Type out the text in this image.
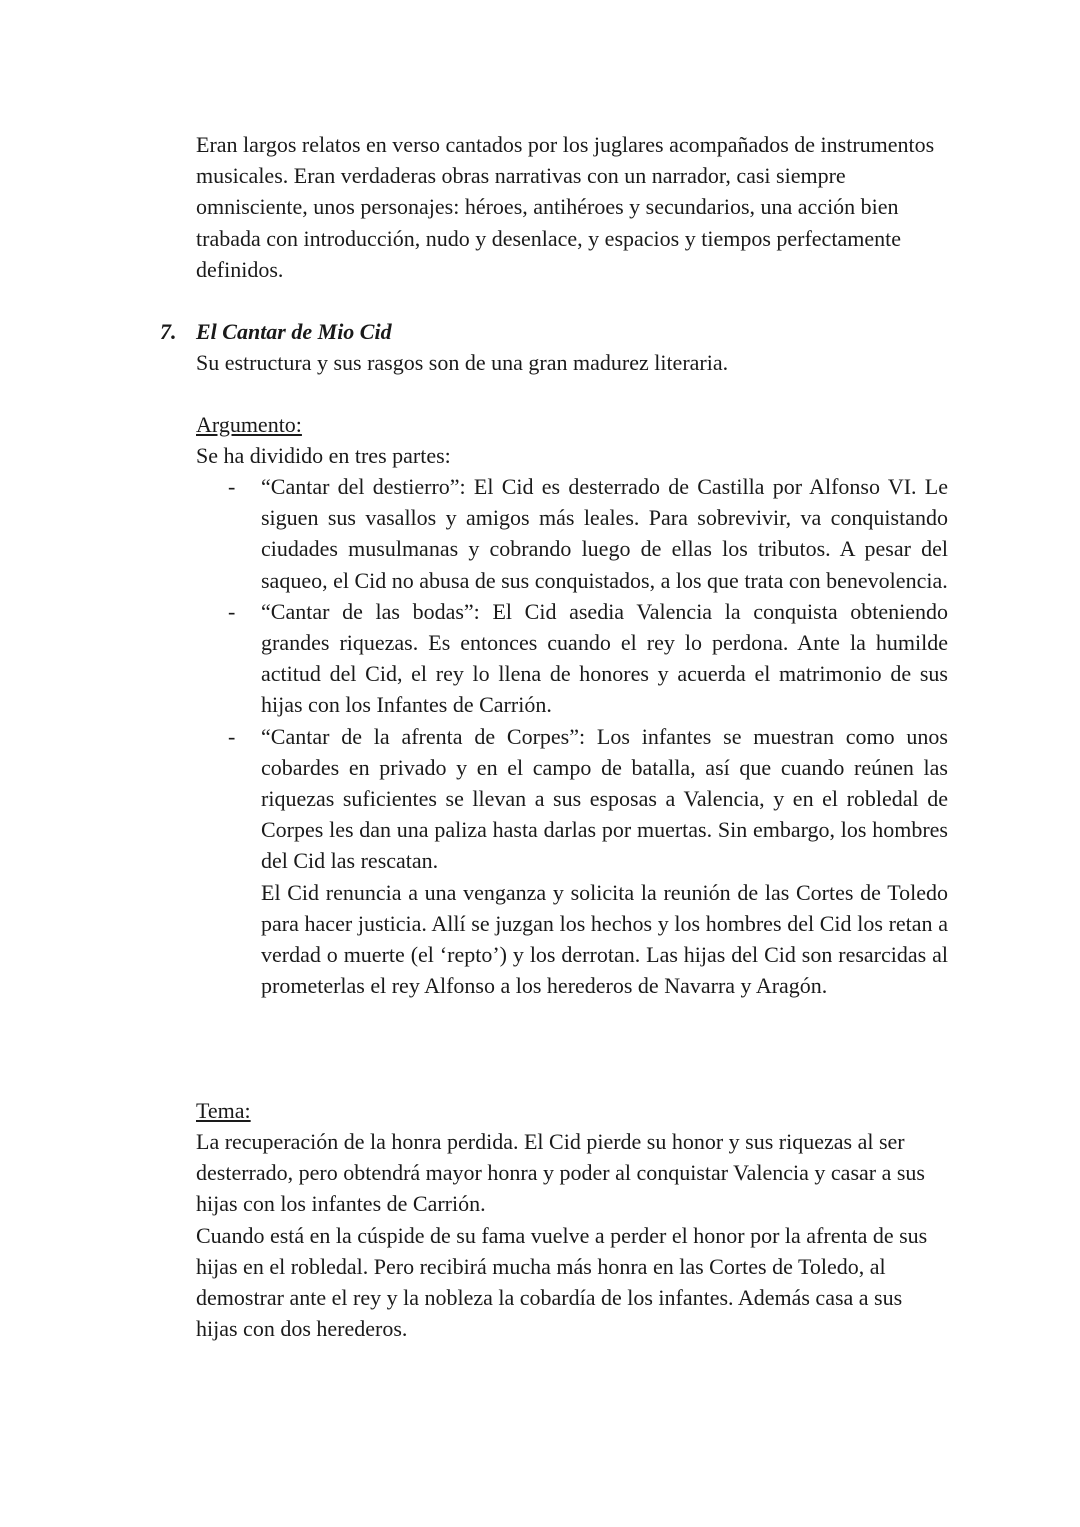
Eran largos relatos en verso cantados por los juglares acompañados de instrumentos musicales. Eran verdaderas obras narrativas con un narrador, casi siempre omnisciente, unos personajes: héroes, antihéroes y secundarios, una acción bien trabada con introducción, nudo y desenlace, y espacios y tiempos perfectamente definidos.
7. El Cantar de Mio Cid
Su estructura y sus rasgos son de una gran madurez literaria.
Argumento:
Se ha dividido en tres partes:
- “Cantar del destierro”: El Cid es desterrado de Castilla por Alfonso VI. Le siguen sus vasallos y amigos más leales. Para sobrevivir, va conquistando ciudades musulmanas y cobrando luego de ellas los tributos. A pesar del saqueo, el Cid no abusa de sus conquistados, a los que trata con benevolencia.

- “Cantar de las bodas”: El Cid asedia Valencia la conquista obteniendo grandes riquezas. Es entonces cuando el rey lo perdona. Ante la humilde actitud del Cid, el rey lo llena de honores y acuerda el matrimonio de sus hijas con los Infantes de Carrión.

- “Cantar de la afrenta de Corpes”: Los infantes se muestran como unos cobardes en privado y en el campo de batalla, así que cuando reúnen las riquezas suficientes se llevan a sus esposas a Valencia, y en el robledal de Corpes les dan una paliza hasta darlas por muertas. Sin embargo, los hombres del Cid las rescatan.

El Cid renuncia a una venganza y solicita la reunión de las Cortes de Toledo para hacer justicia. Allí se juzgan los hechos y los hombres del Cid los retan a verdad o muerte (el ‘repto’) y los derrotan. Las hijas del Cid son resarcidas al prometerlas el rey Alfonso a los herederos de Navarra y Aragón.

Tema:

La recuperación de la honra perdida. El Cid pierde su honor y sus riquezas al ser desterrado, pero obtendrá mayor honra y poder al conquistar Valencia y casar a sus hijas con los infantes de Carrión.

Cuando está en la cúspide de su fama vuelve a perder el honor por la afrenta de sus hijas en el robledal. Pero recibirá mucha más honra en las Cortes de Toledo, al demostrar ante el rey y la nobleza la cobardía de los infantes. Además casa a sus hijas con dos herederos.
